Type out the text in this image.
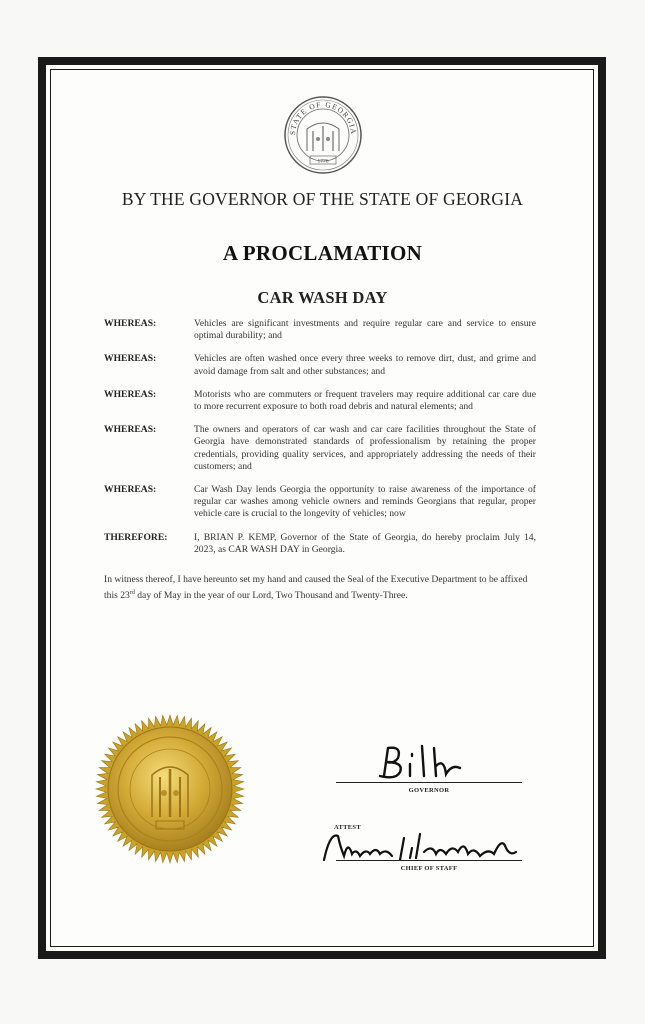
STATE OF GEORGIA
1776
BY THE GOVERNOR OF THE STATE OF GEORGIA
A PROCLAMATION
CAR WASH DAY
WHEREAS:	Vehicles are significant investments and require regular care and service to ensure optimal durability; and
WHEREAS:	Vehicles are often washed once every three weeks to remove dirt, dust, and grime and avoid damage from salt and other substances; and
WHEREAS:	Motorists who are commuters or frequent travelers may require additional car care due to more recurrent exposure to both road debris and natural elements; and
WHEREAS:	The owners and operators of car wash and car care facilities throughout the State of Georgia have demonstrated standards of professionalism by retaining the proper credentials, providing quality services, and appropriately addressing the needs of their customers; and
WHEREAS:	Car Wash Day lends Georgia the opportunity to raise awareness of the importance of regular car washes among vehicle owners and reminds Georgians that regular, proper vehicle care is crucial to the longevity of vehicles; now
THEREFORE:	I, BRIAN P. KEMP, Governor of the State of Georgia, do hereby proclaim July 14, 2023, as CAR WASH DAY in Georgia.
In witness thereof, I have hereunto set my hand and caused the Seal of the Executive Department to be affixed this 23rd day of May in the year of our Lord, Two Thousand and Twenty-Three.
GOVERNOR
ATTEST
CHIEF OF STAFF
